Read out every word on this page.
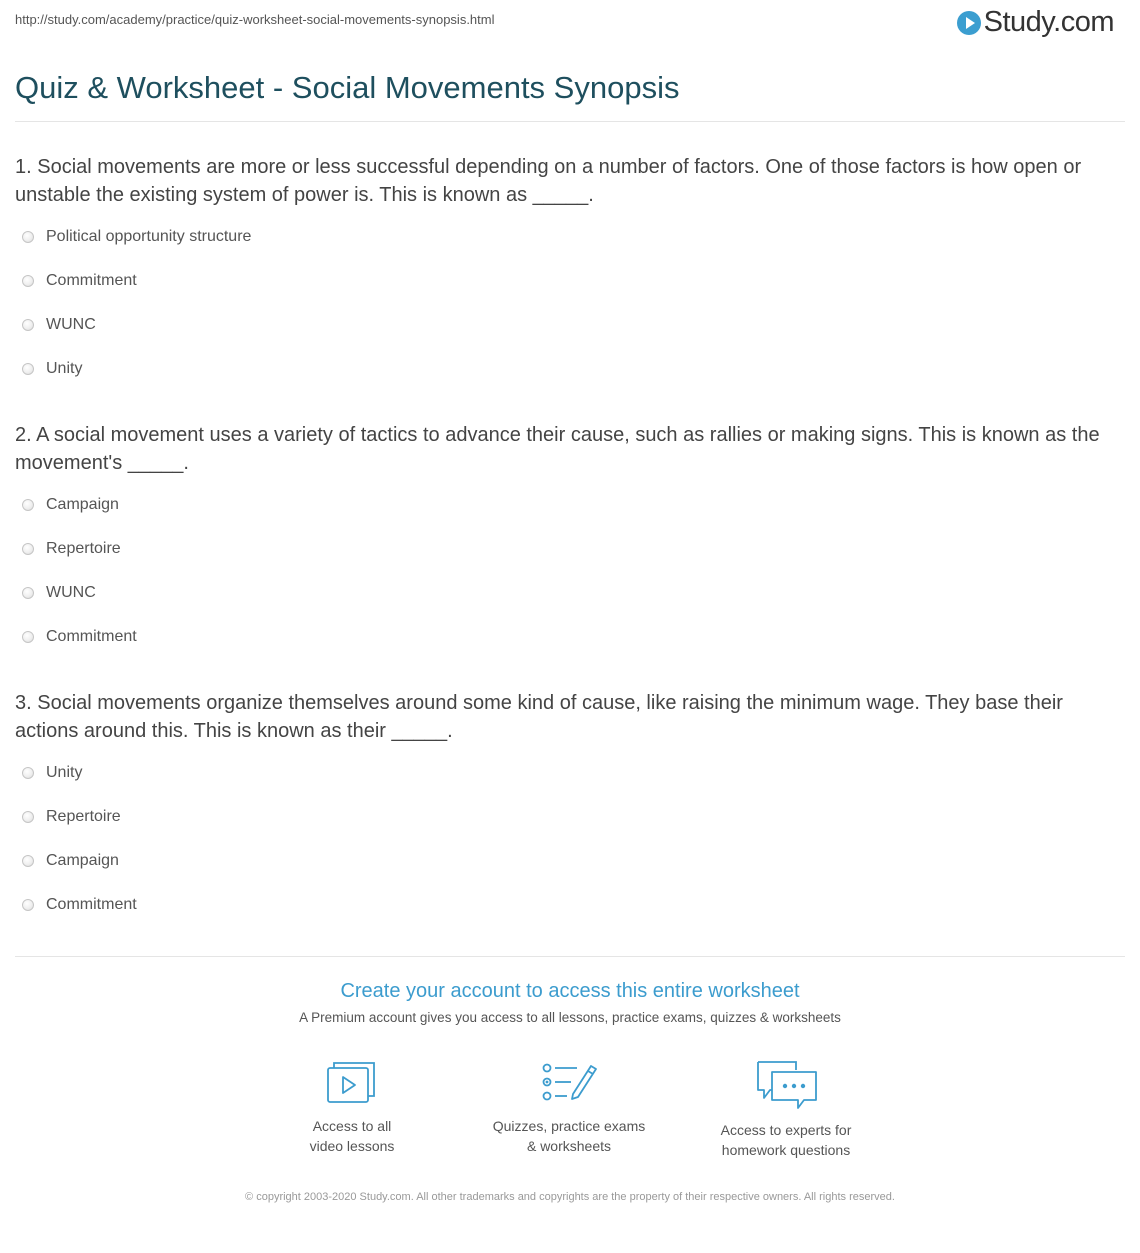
http://study.com/academy/practice/quiz-worksheet-social-movements-synopsis.html	Study.com
Quiz & Worksheet - Social Movements Synopsis
1. Social movements are more or less successful depending on a number of factors. One of those factors is how open or unstable the existing system of power is. This is known as _____.
Political opportunity structure
Commitment
WUNC
Unity
2. A social movement uses a variety of tactics to advance their cause, such as rallies or making signs. This is known as the movement's _____.
Campaign
Repertoire
WUNC
Commitment
3. Social movements organize themselves around some kind of cause, like raising the minimum wage. They base their actions around this. This is known as their _____.
Unity
Repertoire
Campaign
Commitment
Create your account to access this entire worksheet
A Premium account gives you access to all lessons, practice exams, quizzes & worksheets
Access to all
video lessons
Quizzes, practice exams
& worksheets
Access to experts for
homework questions
© copyright 2003-2020 Study.com. All other trademarks and copyrights are the property of their respective owners. All rights reserved.
